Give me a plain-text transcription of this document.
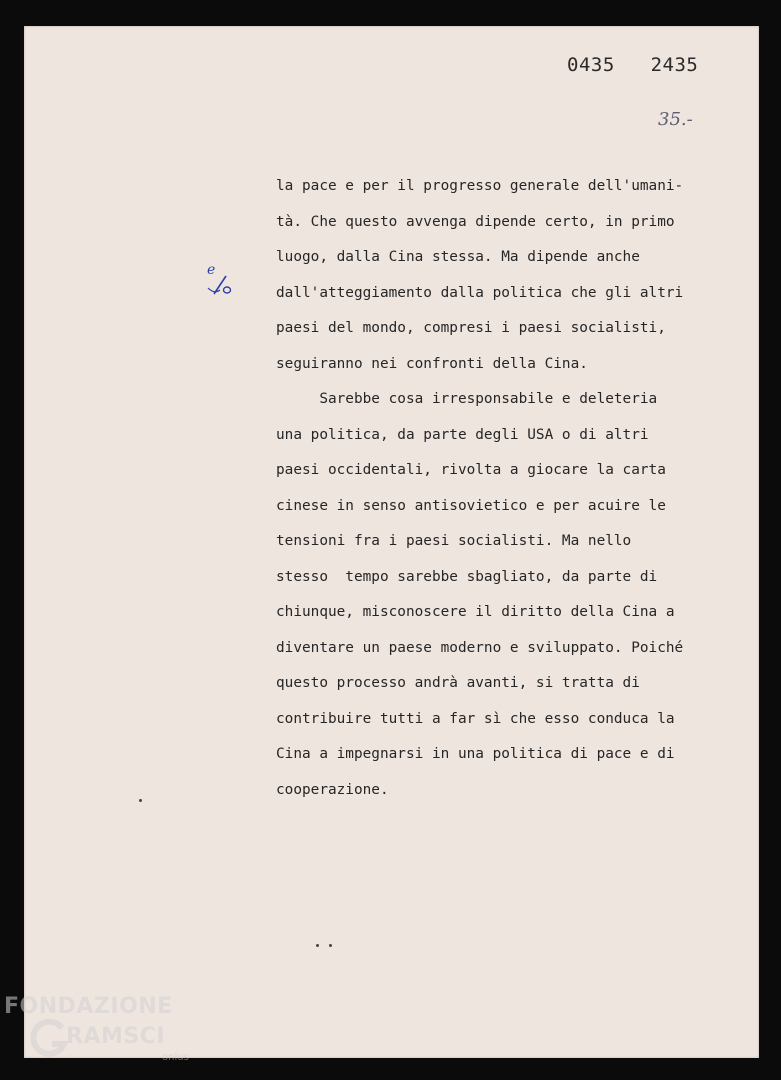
0435   2435

35.-

la pace e per il progresso generale dell'umani-
tà. Che questo avvenga dipende certo, in primo
luogo, dalla Cina stessa. Ma dipende anche
dall'atteggiamento dalla politica che gli altri
paesi del mondo, compresi i paesi socialisti,
seguiranno nei confronti della Cina.
Sarebbe cosa irresponsabile e deleteria
una politica, da parte degli USA o di altri
paesi occidentali, rivolta a giocare la carta
cinese in senso antisovietico e per acuire le
tensioni fra i paesi socialisti. Ma nello
stesso  tempo sarebbe sbagliato, da parte di
chiunque, misconoscere il diritto della Cina a
diventare un paese moderno e sviluppato. Poiché
questo processo andrà avanti, si tratta di
contribuire tutti a far sì che esso conduca la
Cina a impegnarsi in una politica di pace e di
cooperazione.
e

FONDAZIONE

RAMSCI

onlus
